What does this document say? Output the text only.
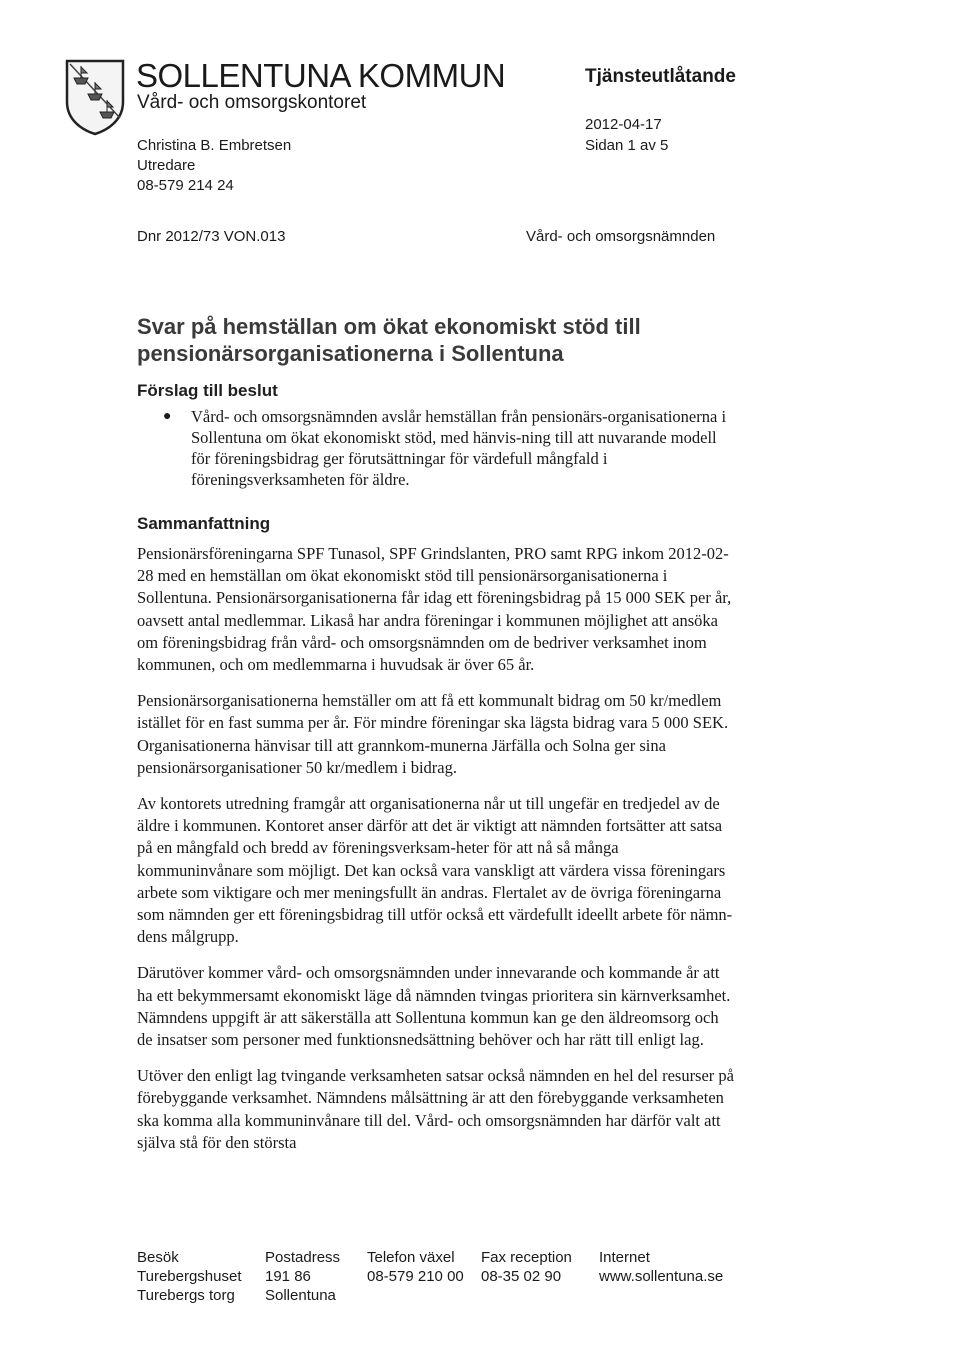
SOLLENTUNA KOMMUN
Vård- och omsorgskontoret
Tjänsteutlåtande
Christina B. Embretsen
Utredare
08-579 214 24
2012-04-17
Sidan 1 av 5
Dnr 2012/73 VON.013	Vård- och omsorgsnämnden
Svar på hemställan om ökat ekonomiskt stöd till pensionärsorganisationerna i Sollentuna
Förslag till beslut
●	Vård- och omsorgsnämnden avslår hemställan från pensionärs-organisationerna i Sollentuna om ökat ekonomiskt stöd, med hänvis-ning till att nuvarande modell för föreningsbidrag ger förutsättningar för värdefull mångfald i föreningsverksamheten för äldre.
Sammanfattning

Pensionärsföreningarna SPF Tunasol, SPF Grindslanten, PRO samt RPG inkom 2012-02-28 med en hemställan om ökat ekonomiskt stöd till pensionärsorganisationerna i Sollentuna. Pensionärsorganisationerna får idag ett föreningsbidrag på 15 000 SEK per år, oavsett antal medlemmar. Likaså har andra föreningar i kommunen möjlighet att ansöka om föreningsbidrag från vård- och omsorgsnämnden om de bedriver verksamhet inom kommunen, och om medlemmarna i huvudsak är över 65 år.

Pensionärsorganisationerna hemställer om att få ett kommunalt bidrag om 50 kr/medlem istället för en fast summa per år. För mindre föreningar ska lägsta bidrag vara 5 000 SEK. Organisationerna hänvisar till att grannkom-munerna Järfälla och Solna ger sina pensionärsorganisationer 50 kr/medlem i bidrag.

Av kontorets utredning framgår att organisationerna når ut till ungefär en tredjedel av de äldre i kommunen. Kontoret anser därför att det är viktigt att nämnden fortsätter att satsa på en mångfald och bredd av föreningsverksam-heter för att nå så många kommuninvånare som möjligt. Det kan också vara vanskligt att värdera vissa föreningars arbete som viktigare och mer meningsfullt än andras. Flertalet av de övriga föreningarna som nämnden ger ett föreningsbidrag till utför också ett värdefullt ideellt arbete för nämn-dens målgrupp.

Därutöver kommer vård- och omsorgsnämnden under innevarande och kommande år att ha ett bekymmersamt ekonomiskt läge då nämnden tvingas prioritera sin kärnverksamhet. Nämndens uppgift är att säkerställa att Sollentuna kommun kan ge den äldreomsorg och de insatser som personer med funktionsnedsättning behöver och har rätt till enligt lag.

Utöver den enligt lag tvingande verksamheten satsar också nämnden en hel del resurser på förebyggande verksamhet. Nämndens målsättning är att den förebyggande verksamheten ska komma alla kommuninvånare till del. Vård- och omsorgsnämnden har därför valt att själva stå för den största

Besök	Postadress	Telefon växel	Fax reception	Internet
Turebergshuset	191 86	08-579 210 00	08-35 02 90	www.sollentuna.se
Turebergs torg	Sollentuna			
